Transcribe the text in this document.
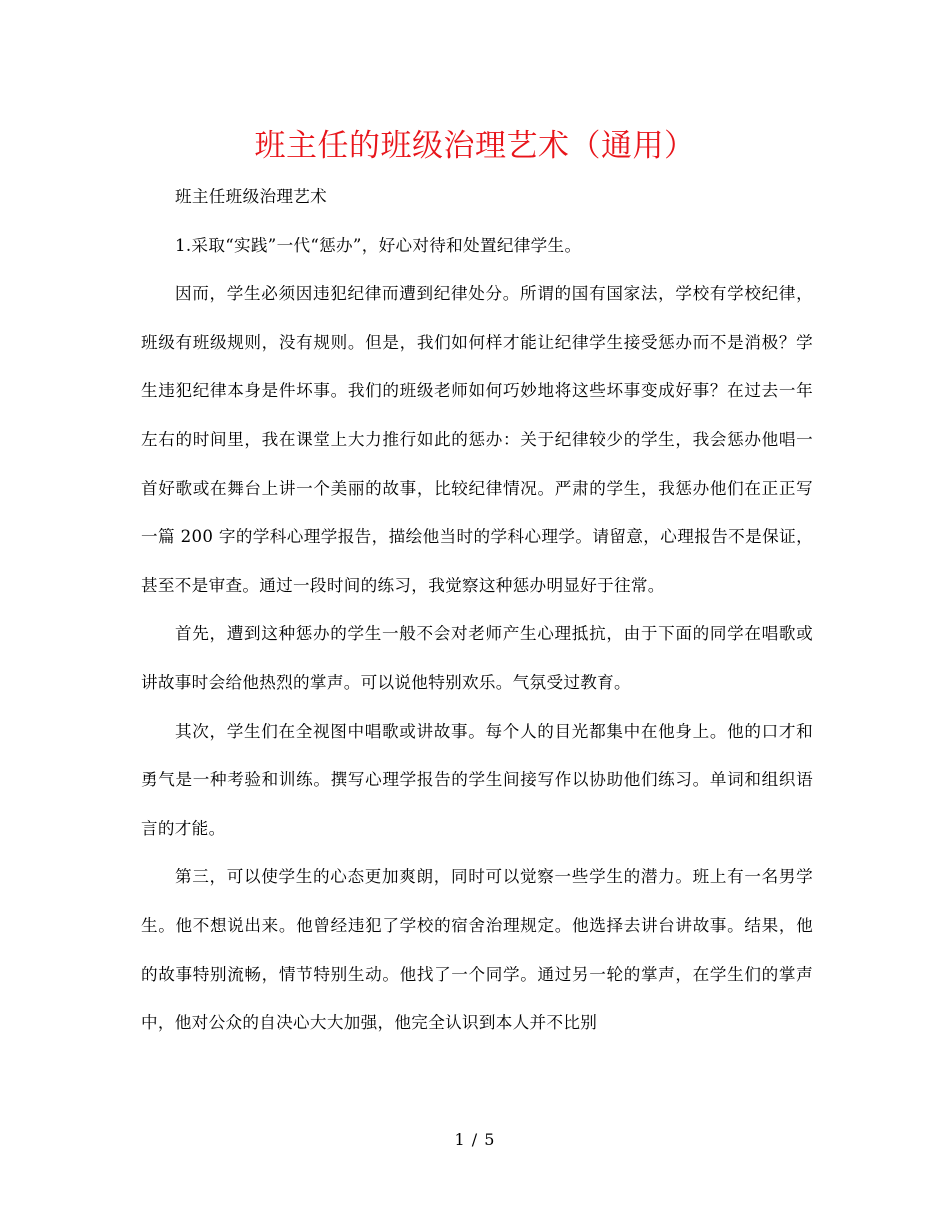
班主任的班级治理艺术（通用）

班主任班级治理艺术

1.采取“实践”一代“惩办”，好心对待和处置纪律学生。

因而，学生必须因违犯纪律而遭到纪律处分。所谓的国有国家法，学校有学校纪律，班级有班级规则，没有规则。但是，我们如何样才能让纪律学生接受惩办而不是消极？学生违犯纪律本身是件坏事。我们的班级老师如何巧妙地将这些坏事变成好事？在过去一年左右的时间里，我在课堂上大力推行如此的惩办：关于纪律较少的学生，我会惩办他唱一首好歌或在舞台上讲一个美丽的故事，比较纪律情况。严肃的学生，我惩办他们在正正写一篇 200 字的学科心理学报告，描绘他当时的学科心理学。请留意，心理报告不是保证，甚至不是审查。通过一段时间的练习，我觉察这种惩办明显好于往常。

首先，遭到这种惩办的学生一般不会对老师产生心理抵抗，由于下面的同学在唱歌或讲故事时会给他热烈的掌声。可以说他特别欢乐。气氛受过教育。

其次，学生们在全视图中唱歌或讲故事。每个人的目光都集中在他身上。他的口才和勇气是一种考验和训练。撰写心理学报告的学生间接写作以协助他们练习。单词和组织语言的才能。

第三，可以使学生的心态更加爽朗，同时可以觉察一些学生的潜力。班上有一名男学生。他不想说出来。他曾经违犯了学校的宿舍治理规定。他选择去讲台讲故事。结果，他的故事特别流畅，情节特别生动。他找了一个同学。通过另一轮的掌声，在学生们的掌声中，他对公众的自决心大大加强，他完全认识到本人并不比别

1 / 5
